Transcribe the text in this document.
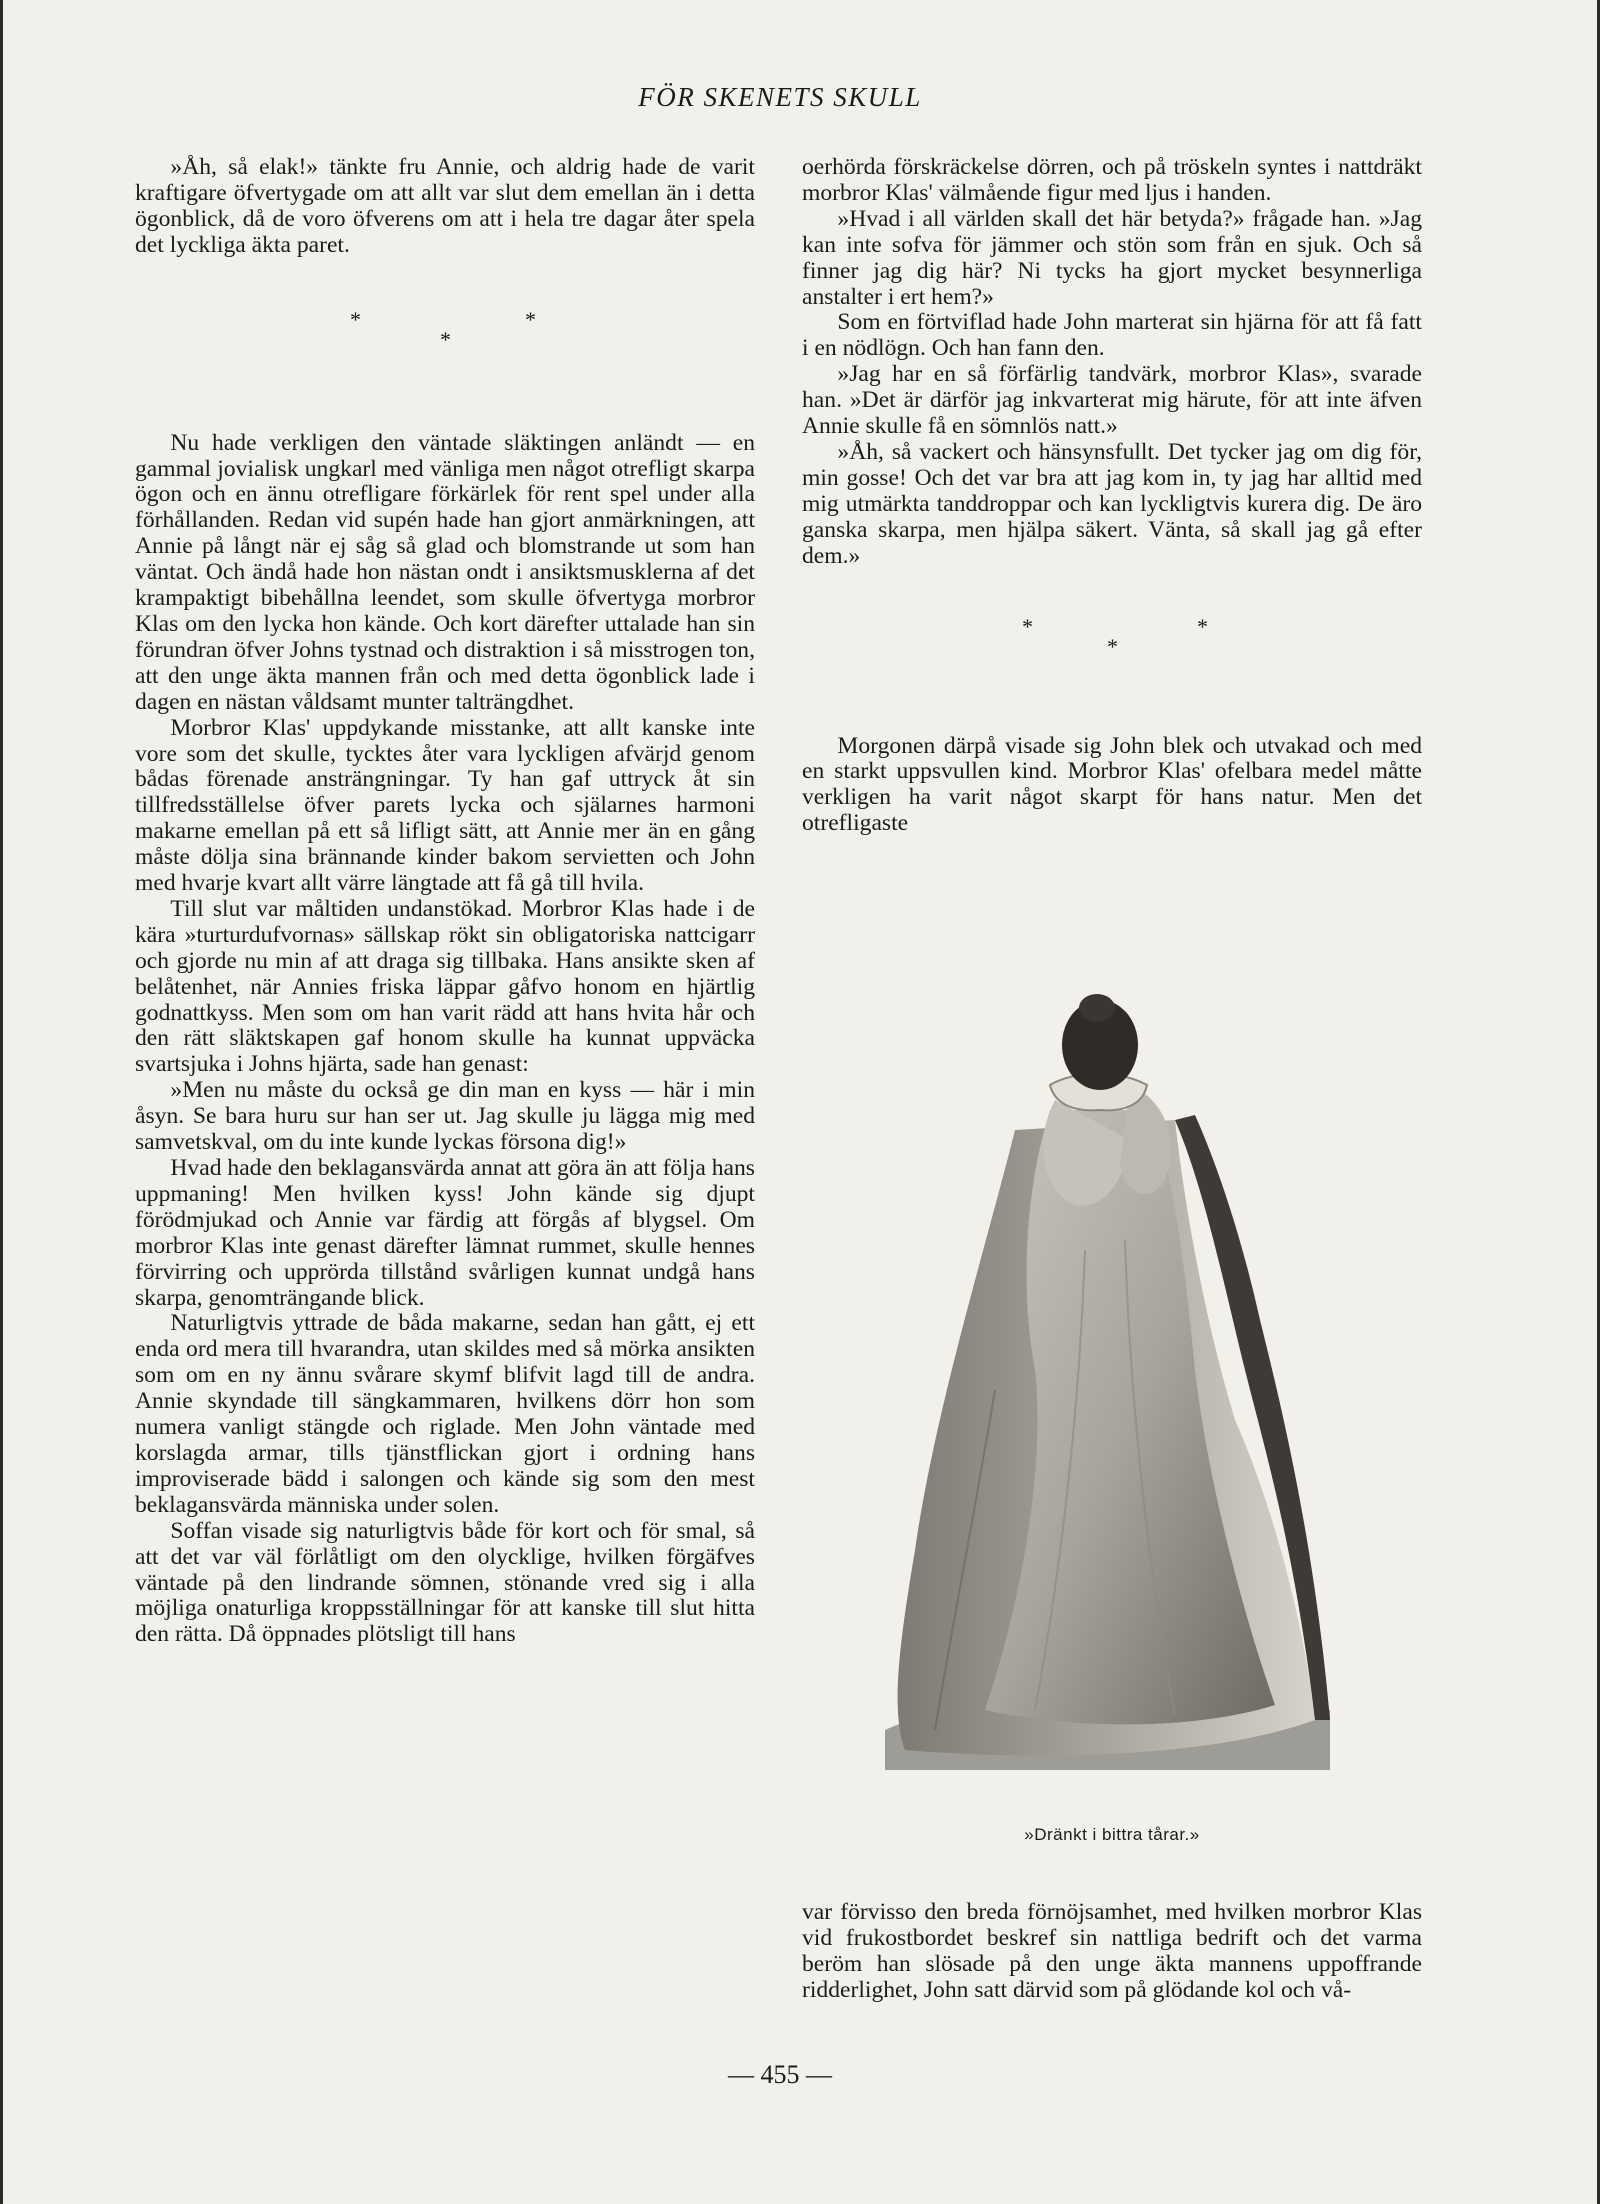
FÖR SKENETS SKULL

»Åh, så elak!» tänkte fru Annie, och aldrig hade de varit kraftigare öfvertygade om att allt var slut dem emellan än i detta ögonblick, då de voro öfverens om att i hela tre dagar åter spela det lyckliga äkta paret.

*
*
*

Nu hade verkligen den väntade släktingen anländt — en gammal jovialisk ungkarl med vänliga men något otrefligt skarpa ögon och en ännu otrefligare förkärlek för rent spel under alla förhållanden. Redan vid supén hade han gjort anmärkningen, att Annie på långt när ej såg så glad och blomstrande ut som han väntat. Och ändå hade hon nästan ondt i ansiktsmusklerna af det krampaktigt bibehållna leendet, som skulle öfvertyga morbror Klas om den lycka hon kände. Och kort därefter uttalade han sin förundran öfver Johns tystnad och distraktion i så misstrogen ton, att den unge äkta mannen från och med detta ögonblick lade i dagen en nästan våldsamt munter talträngdhet.

Morbror Klas' uppdykande misstanke, att allt kanske inte vore som det skulle, tycktes åter vara lyckligen afvärjd genom bådas förenade ansträngningar. Ty han gaf uttryck åt sin tillfredsställelse öfver parets lycka och själarnes harmoni makarne emellan på ett så lifligt sätt, att Annie mer än en gång måste dölja sina brännande kinder bakom servietten och John med hvarje kvart allt värre längtade att få gå till hvila.

Till slut var måltiden undanstökad. Morbror Klas hade i de kära »turturdufvornas» sällskap rökt sin obligatoriska nattcigarr och gjorde nu min af att draga sig tillbaka. Hans ansikte sken af belåtenhet, när Annies friska läppar gåfvo honom en hjärtlig godnattkyss. Men som om han varit rädd att hans hvita hår och den rätt släktskapen gaf honom skulle ha kunnat uppväcka svartsjuka i Johns hjärta, sade han genast:

»Men nu måste du också ge din man en kyss — här i min åsyn. Se bara huru sur han ser ut. Jag skulle ju lägga mig med samvetskval, om du inte kunde lyckas försona dig!»

Hvad hade den beklagansvärda annat att göra än att följa hans uppmaning! Men hvilken kyss! John kände sig djupt förödmjukad och Annie var färdig att förgås af blygsel. Om morbror Klas inte genast därefter lämnat rummet, skulle hennes förvirring och upprörda tillstånd svårligen kunnat undgå hans skarpa, genomträngande blick.

Naturligtvis yttrade de båda makarne, sedan han gått, ej ett enda ord mera till hvarandra, utan skildes med så mörka ansikten som om en ny ännu svårare skymf blifvit lagd till de andra. Annie skyndade till sängkammaren, hvilkens dörr hon som numera vanligt stängde och riglade. Men John väntade med korslagda armar, tills tjänstflickan gjort i ordning hans improviserade bädd i salongen och kände sig som den mest beklagansvärda människa under solen.

Soffan visade sig naturligtvis både för kort och för smal, så att det var väl förlåtligt om den olycklige, hvilken förgäfves väntade på den lindrande sömnen, stönande vred sig i alla möjliga onaturliga kroppsställningar för att kanske till slut hitta den rätta. Då öppnades plötsligt till hans

oerhörda förskräckelse dörren, och på tröskeln syntes i nattdräkt morbror Klas' välmående figur med ljus i handen.

»Hvad i all världen skall det här betyda?» frågade han. »Jag kan inte sofva för jämmer och stön som från en sjuk. Och så finner jag dig här? Ni tycks ha gjort mycket besynnerliga anstalter i ert hem?»

Som en förtviflad hade John marterat sin hjärna för att få fatt i en nödlögn. Och han fann den.

»Jag har en så förfärlig tandvärk, morbror Klas», svarade han. »Det är därför jag inkvarterat mig härute, för att inte äfven Annie skulle få en sömnlös natt.»

»Åh, så vackert och hänsynsfullt. Det tycker jag om dig för, min gosse! Och det var bra att jag kom in, ty jag har alltid med mig utmärkta tanddroppar och kan lyckligtvis kurera dig. De äro ganska skarpa, men hjälpa säkert. Vänta, så skall jag gå efter dem.»

*
*
*

Morgonen därpå visade sig John blek och utvakad och med en starkt uppsvullen kind. Morbror Klas' ofelbara medel måtte verkligen ha varit något skarpt för hans natur. Men det otrefligaste

»Dränkt i bittra tårar.»

var förvisso den breda förnöjsamhet, med hvilken morbror Klas vid frukostbordet beskref sin nattliga bedrift och det varma beröm han slösade på den unge äkta mannens uppoffrande ridderlighet, John satt därvid som på glödande kol och vå-

— 455 —
